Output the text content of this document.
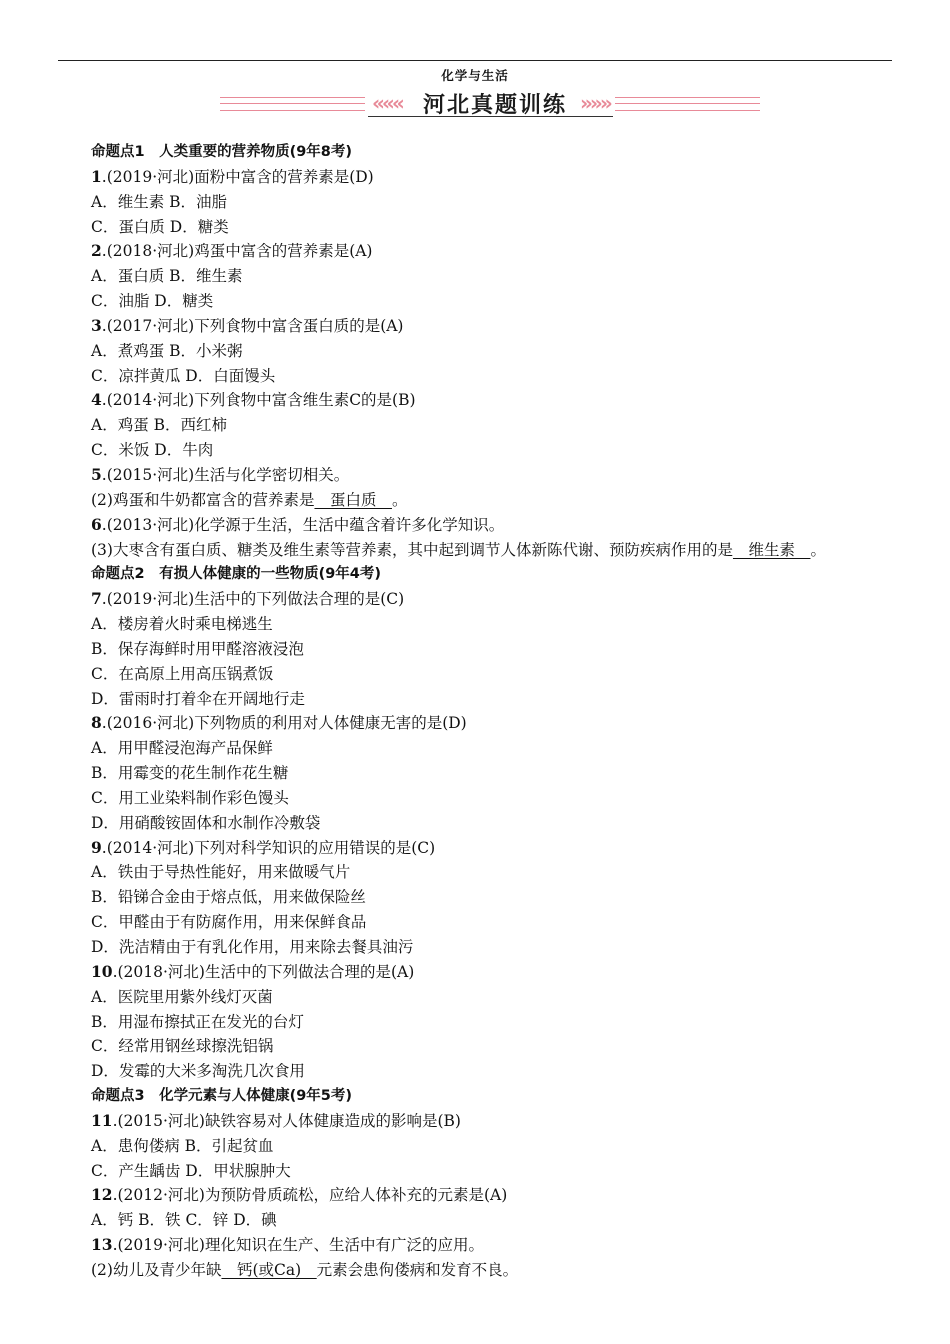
化学与生活
««« 河北真题训练 »»»
命题点1　人类重要的营养物质(9年8考)
1.(2019·河北)面粉中富含的营养素是(D)
A．维生素 B．油脂
C．蛋白质 D．糖类
2.(2018·河北)鸡蛋中富含的营养素是(A)
A．蛋白质 B．维生素
C．油脂 D．糖类
3.(2017·河北)下列食物中富含蛋白质的是(A)
A．煮鸡蛋 B．小米粥
C．凉拌黄瓜 D．白面馒头
4.(2014·河北)下列食物中富含维生素C的是(B)
A．鸡蛋 B．西红柿
C．米饭 D．牛肉
5.(2015·河北)生活与化学密切相关。
(2)鸡蛋和牛奶都富含的营养素是　蛋白质　。
6.(2013·河北)化学源于生活，生活中蕴含着许多化学知识。
(3)大枣含有蛋白质、糖类及维生素等营养素，其中起到调节人体新陈代谢、预防疾病作用的是　维生素　。
命题点2　有损人体健康的一些物质(9年4考)
7.(2019·河北)生活中的下列做法合理的是(C)
A．楼房着火时乘电梯逃生
B．保存海鲜时用甲醛溶液浸泡
C．在高原上用高压锅煮饭
D．雷雨时打着伞在开阔地行走
8.(2016·河北)下列物质的利用对人体健康无害的是(D)
A．用甲醛浸泡海产品保鲜
B．用霉变的花生制作花生糖
C．用工业染料制作彩色馒头
D．用硝酸铵固体和水制作冷敷袋
9.(2014·河北)下列对科学知识的应用错误的是(C)
A．铁由于导热性能好，用来做暖气片
B．铅锑合金由于熔点低，用来做保险丝
C．甲醛由于有防腐作用，用来保鲜食品
D．洗洁精由于有乳化作用，用来除去餐具油污
10.(2018·河北)生活中的下列做法合理的是(A)
A．医院里用紫外线灯灭菌
B．用湿布擦拭正在发光的台灯
C．经常用钢丝球擦洗铝锅
D．发霉的大米多淘洗几次食用
命题点3　化学元素与人体健康(9年5考)
11.(2015·河北)缺铁容易对人体健康造成的影响是(B)
A．患佝偻病 B．引起贫血
C．产生龋齿 D．甲状腺肿大
12.(2012·河北)为预防骨质疏松，应给人体补充的元素是(A)
A．钙 B．铁 C．锌 D．碘
13.(2019·河北)理化知识在生产、生活中有广泛的应用。
(2)幼儿及青少年缺　钙(或Ca)　元素会患佝偻病和发育不良。
